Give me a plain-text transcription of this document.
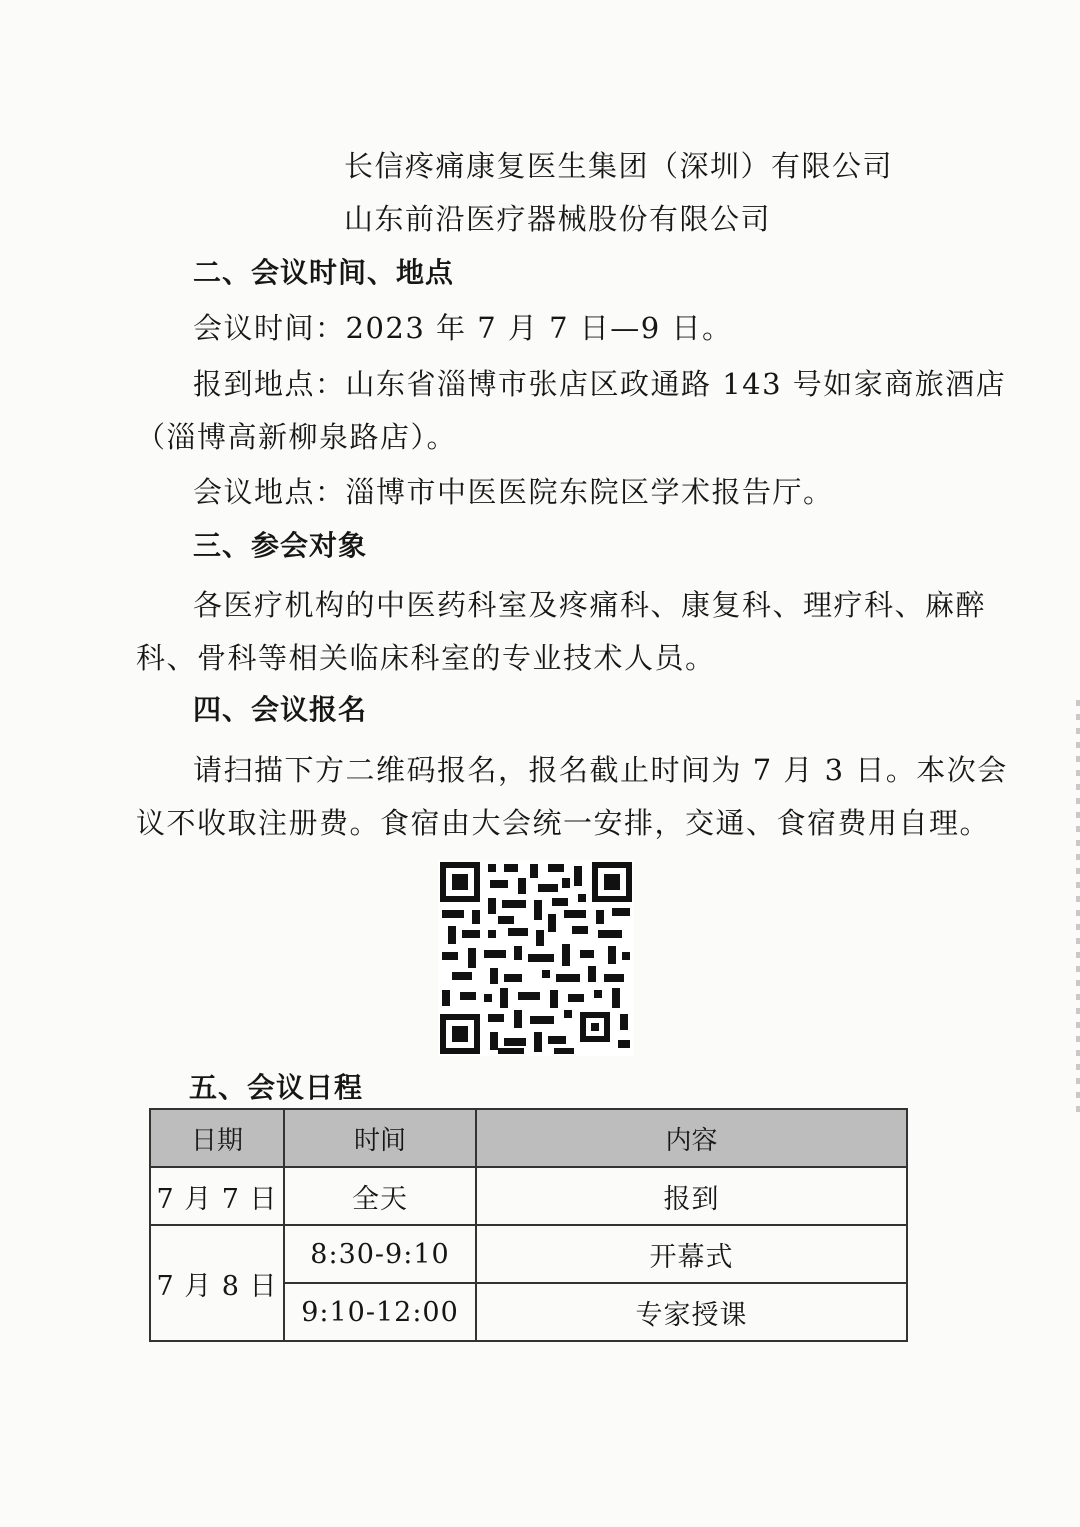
长信疼痛康复医生集团（深圳）有限公司
山东前沿医疗器械股份有限公司
二、会议时间、地点
会议时间：2023 年 7 月 7 日—9 日。
报到地点：山东省淄博市张店区政通路 143 号如家商旅酒店
（淄博高新柳泉路店）。
会议地点：淄博市中医医院东院区学术报告厅。
三、参会对象
各医疗机构的中医药科室及疼痛科、康复科、理疗科、麻醉
科、骨科等相关临床科室的专业技术人员。
四、会议报名
请扫描下方二维码报名，报名截止时间为 7 月 3 日。本次会
议不收取注册费。食宿由大会统一安排，交通、食宿费用自理。
五、会议日程
日期	时间	内容
7 月 7 日	全天	报到
7 月 8 日	8:30-9:10	开幕式
	9:10-12:00	专家授课
